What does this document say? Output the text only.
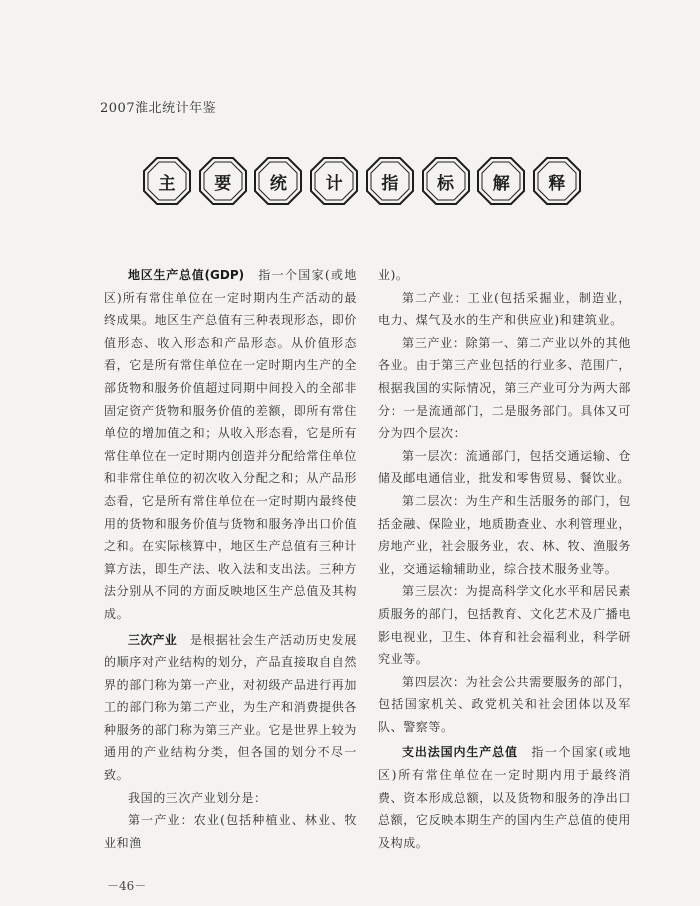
2007淮北统计年鉴
主	要	统	计	指	标	解	释

地区生产总值(GDP)　 指一个国家(或地区)所有常住单位在一定时期内生产活动的最终成果。地区生产总值有三种表现形态，即价值形态、收入形态和产品形态。从价值形态看，它是所有常住单位在一定时期内生产的全部货物和服务价值超过同期中间投入的全部非固定资产货物和服务价值的差额，即所有常住单位的增加值之和；从收入形态看，它是所有常住单位在一定时期内创造并分配给常住单位和非常住单位的初次收入分配之和；从产品形态看，它是所有常住单位在一定时期内最终使用的货物和服务价值与货物和服务净出口价值之和。在实际核算中，地区生产总值有三种计算方法，即生产法、收入法和支出法。三种方法分别从不同的方面反映地区生产总值及其构成。

三次产业　 是根据社会生产活动历史发展的顺序对产业结构的划分，产品直接取自自然界的部门称为第一产业，对初级产品进行再加工的部门称为第二产业，为生产和消费提供各种服务的部门称为第三产业。它是世界上较为通用的产业结构分类，但各国的划分不尽一致。

我国的三次产业划分是：

第一产业：农业(包括种植业、林业、牧业和渔

业)。

第二产业：工业(包括采掘业，制造业，电力、煤气及水的生产和供应业)和建筑业。

第三产业：除第一、第二产业以外的其他各业。由于第三产业包括的行业多、范围广，根据我国的实际情况，第三产业可分为两大部分：一是流通部门，二是服务部门。具体又可分为四个层次：

第一层次：流通部门，包括交通运输、仓储及邮电通信业，批发和零售贸易、餐饮业。

第二层次：为生产和生活服务的部门，包括金融、保险业，地质勘查业、水利管理业，房地产业，社会服务业，农、林、牧、渔服务业，交通运输辅助业，综合技术服务业等。

第三层次：为提高科学文化水平和居民素质服务的部门，包括教育、文化艺术及广播电影电视业，卫生、体育和社会福利业，科学研究业等。

第四层次：为社会公共需要服务的部门，包括国家机关、政党机关和社会团体以及军队、警察等。

支出法国内生产总值　 指一个国家(或地区)所有常住单位在一定时期内用于最终消费、资本形成总额，以及货物和服务的净出口总额，它反映本期生产的国内生产总值的使用及构成。

－46－
